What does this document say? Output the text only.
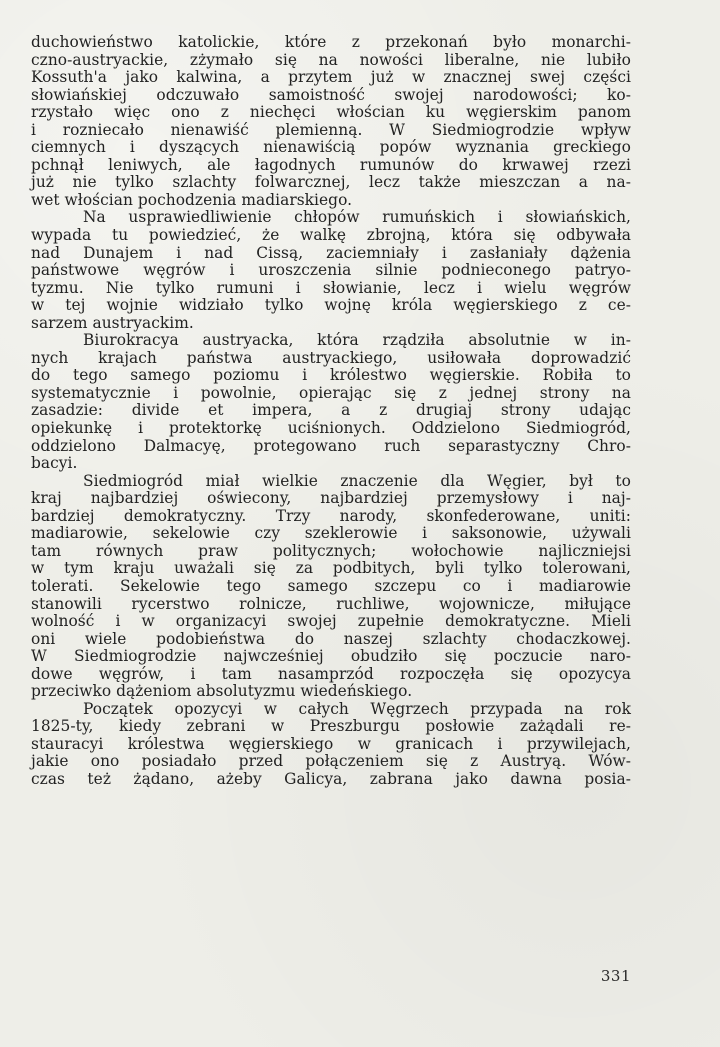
duchowieństwo katolickie, które z przekonań było monarchi-
czno-austryackie, zżymało się na nowości liberalne, nie lubiło
Kossuth'a jako kalwina, a przytem już w znacznej swej części
słowiańskiej odczuwało samoistność swojej narodowości; ko-
rzystało więc ono z niechęci włościan ku węgierskim panom
i rozniecało nienawiść plemienną. W Siedmiogrodzie wpływ
ciemnych i dyszących nienawiścią popów wyznania greckiego
pchnął leniwych, ale łagodnych rumunów do krwawej rzezi
już nie tylko szlachty folwarcznej, lecz także mieszczan a na-
wet włościan pochodzenia madiarskiego.
Na usprawiedliwienie chłopów rumuńskich i słowiańskich,
wypada tu powiedzieć, że walkę zbrojną, która się odbywała
nad Dunajem i nad Cissą, zaciemniały i zasłaniały dążenia
państwowe węgrów i uroszczenia silnie podnieconego patryo-
tyzmu. Nie tylko rumuni i słowianie, lecz i wielu węgrów
w tej wojnie widziało tylko wojnę króla węgierskiego z ce-
sarzem austryackim.
Biurokracya austryacka, która rządziła absolutnie w in-
nych krajach państwa austryackiego, usiłowała doprowadzić
do tego samego poziomu i królestwo węgierskie. Robiła to
systematycznie i powolnie, opierając się z jednej strony na
zasadzie: divide et impera, a z drugiaj strony udając
opiekunkę i protektorkę uciśnionych. Oddzielono Siedmiogród,
oddzielono Dalmacyę, protegowano ruch separastyczny Chro-
bacyi.
Siedmiogród miał wielkie znaczenie dla Węgier, był to
kraj najbardziej oświecony, najbardziej przemysłowy i naj-
bardziej demokratyczny. Trzy narody, skonfederowane, uniti:
madiarowie, sekelowie czy szeklerowie i saksonowie, używali
tam równych praw politycznych; wołochowie najliczniejsi
w tym kraju uważali się za podbitych, byli tylko tolerowani,
tolerati. Sekelowie tego samego szczepu co i madiarowie
stanowili rycerstwo rolnicze, ruchliwe, wojownicze, miłujące
wolność i w organizacyi swojej zupełnie demokratyczne. Mieli
oni wiele podobieństwa do naszej szlachty chodaczkowej.
W Siedmiogrodzie najwcześniej obudziło się poczucie naro-
dowe węgrów, i tam nasamprzód rozpoczęła się opozycya
przeciwko dążeniom absolutyzmu wiedeńskiego.
Początek opozycyi w całych Węgrzech przypada na rok
1825-ty, kiedy zebrani w Preszburgu posłowie zażądali re-
stauracyi królestwa węgierskiego w granicach i przywilejach,
jakie ono posiadało przed połączeniem się z Austryą. Wów-
czas też żądano, ażeby Galicya, zabrana jako dawna posia-
331
